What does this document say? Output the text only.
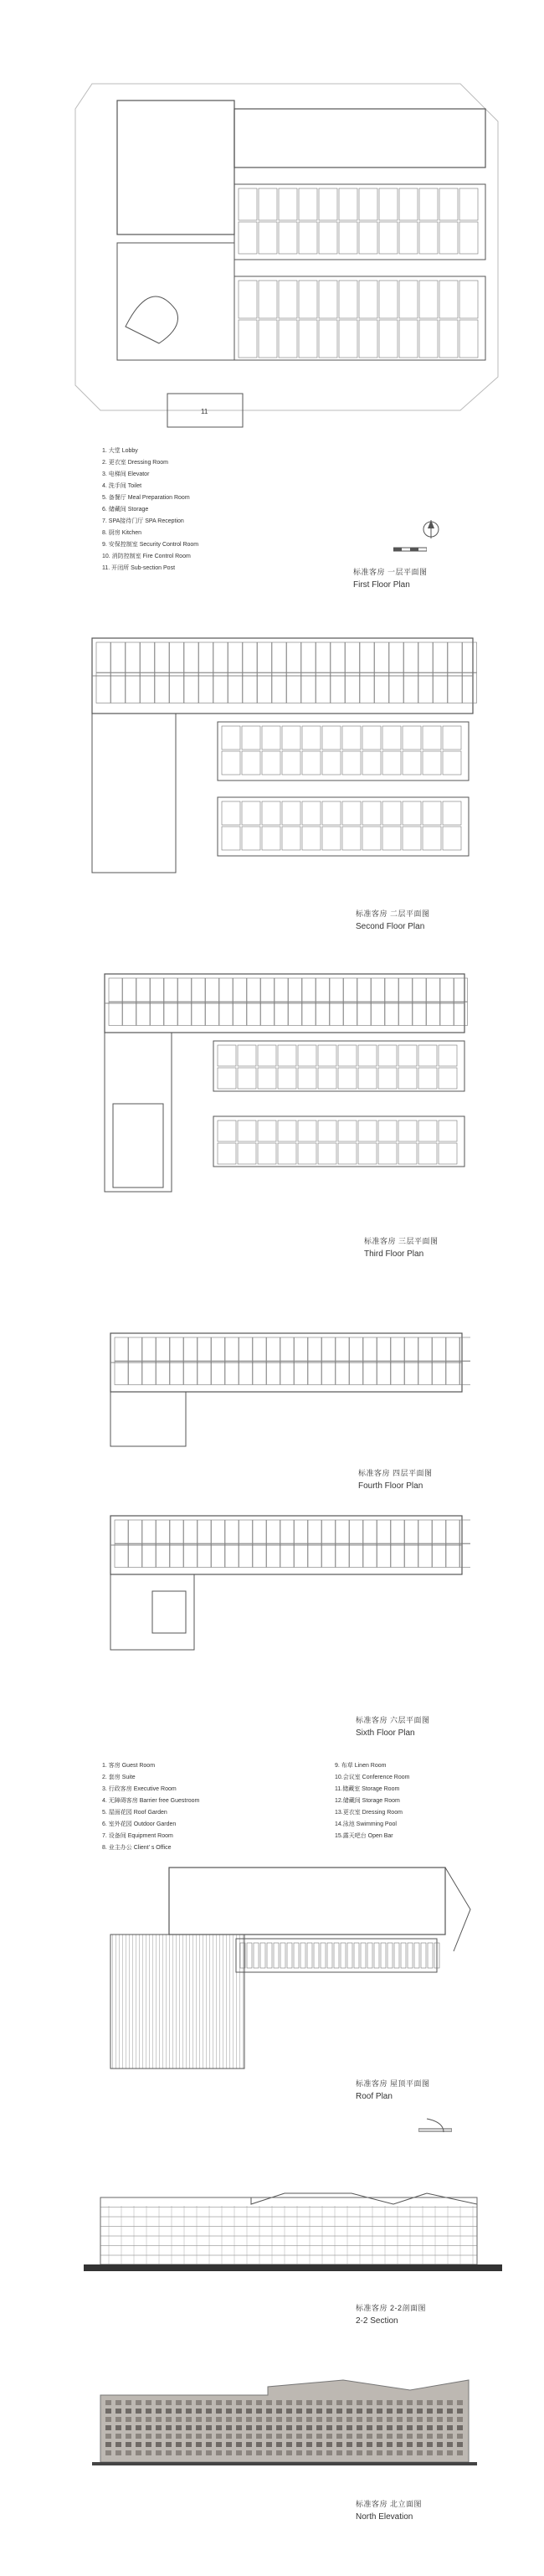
11
1. 大堂 Lobby
2. 更衣室 Dressing Room
3. 电梯间 Elevator
4. 洗手间 Toilet
5. 备餐厅 Meal Preparation Room
6. 储藏间 Storage
7. SPA接待门厅 SPA Reception
8. 厨房 Kitchen
9. 安保控制室 Security Control Room
10. 消防控制室 Fire Control Room
11. 开闭所 Sub-section Post	标准客房 一层平面图
First Floor Plan
标准客房 二层平面图
Second Floor Plan
标准客房 三层平面图
Third Floor Plan
标准客房 四层平面图
Fourth Floor Plan
标准客房 六层平面图
Sixth Floor Plan
1. 客房 Guest Room
2. 套房 Suite
3. 行政客房 Executive Room
4. 无障碍客房 Barrier free Guestroom
5. 屋面花园 Roof Garden
6. 室外花园 Outdoor Garden
7. 设备间 Equipment Room
8. 业主办公 Client’ s Office
9. 布草 Linen Room
10.会议室 Conference Room
11.储藏室 Storage Room
12.储藏间 Storage Room
13.更衣室 Dressing Room
14.泳池 Swimming Pool
15.露天吧台 Open Bar
标准客房 屋顶平面图
Roof Plan
标准客房 2-2剖面图
2-2 Section
标准客房 北立面图
North Elevation
